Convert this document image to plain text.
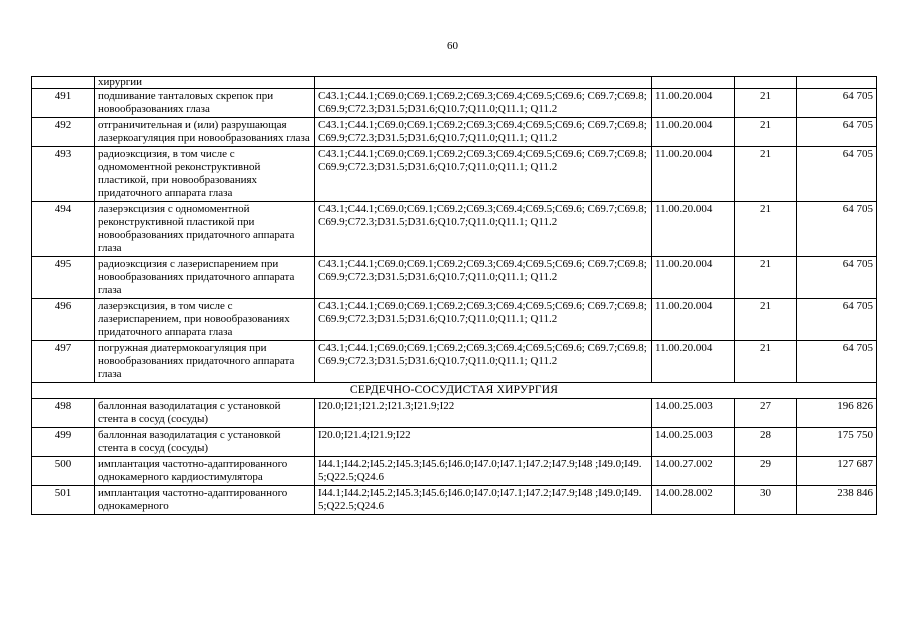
60
	хирургии				
491	подшивание танталовых скрепок при новообразованиях глаза	C43.1;C44.1;C69.0;C69.1;C69.2;C69.3;C69.4;C69.5;C69.6; C69.7;C69.8;C69.9;C72.3;D31.5;D31.6;Q10.7;Q11.0;Q11.1; Q11.2	11.00.20.004	21	64 705
492	отграничительная и (или) разрушающая лазеркоагуляция при новообразованиях глаза	C43.1;C44.1;C69.0;C69.1;C69.2;C69.3;C69.4;C69.5;C69.6; C69.7;C69.8;C69.9;C72.3;D31.5;D31.6;Q10.7;Q11.0;Q11.1; Q11.2	11.00.20.004	21	64 705
493	радиоэксцизия, в том числе с одномоментной реконструктивной пластикой, при новообразованиях придаточного аппарата глаза	C43.1;C44.1;C69.0;C69.1;C69.2;C69.3;C69.4;C69.5;C69.6; C69.7;C69.8;C69.9;C72.3;D31.5;D31.6;Q10.7;Q11.0;Q11.1; Q11.2	11.00.20.004	21	64 705
494	лазерэксцизия с одномоментной реконструктивной пластикой при новообразованиях придаточного аппарата глаза	C43.1;C44.1;C69.0;C69.1;C69.2;C69.3;C69.4;C69.5;C69.6; C69.7;C69.8;C69.9;C72.3;D31.5;D31.6;Q10.7;Q11.0;Q11.1; Q11.2	11.00.20.004	21	64 705
495	радиоэксцизия с лазериспарением при новообразованиях придаточного аппарата глаза	C43.1;C44.1;C69.0;C69.1;C69.2;C69.3;C69.4;C69.5;C69.6; C69.7;C69.8;C69.9;C72.3;D31.5;D31.6;Q10.7;Q11.0;Q11.1; Q11.2	11.00.20.004	21	64 705
496	лазерэксцизия, в том числе с лазериспарением, при новообразованиях придаточного аппарата глаза	C43.1;C44.1;C69.0;C69.1;C69.2;C69.3;C69.4;C69.5;C69.6; C69.7;C69.8;C69.9;C72.3;D31.5;D31.6;Q10.7;Q11.0;Q11.1; Q11.2	11.00.20.004	21	64 705
497	погружная диатермокоагуляция при новообразованиях придаточного аппарата глаза	C43.1;C44.1;C69.0;C69.1;C69.2;C69.3;C69.4;C69.5;C69.6; C69.7;C69.8;C69.9;C72.3;D31.5;D31.6;Q10.7;Q11.0;Q11.1; Q11.2	11.00.20.004	21	64 705
СЕРДЕЧНО-СОСУДИСТАЯ ХИРУРГИЯ					
498	баллонная вазодилатация с установкой стента в сосуд (сосуды)	I20.0;I21;I21.2;I21.3;I21.9;I22	14.00.25.003	27	196 826
499	баллонная вазодилатация с установкой стента в сосуд (сосуды)	I20.0;I21.4;I21.9;I22	14.00.25.003	28	175 750
500	имплантация частотно-адаптированного однокамерного кардиостимулятора	I44.1;I44.2;I45.2;I45.3;I45.6;I46.0;I47.0;I47.1;I47.2;I47.9;I48 ;I49.0;I49.5;Q22.5;Q24.6	14.00.27.002	29	127 687
501	имплантация частотно-адаптированного однокамерного	I44.1;I44.2;I45.2;I45.3;I45.6;I46.0;I47.0;I47.1;I47.2;I47.9;I48 ;I49.0;I49.5;Q22.5;Q24.6	14.00.28.002	30	238 846
